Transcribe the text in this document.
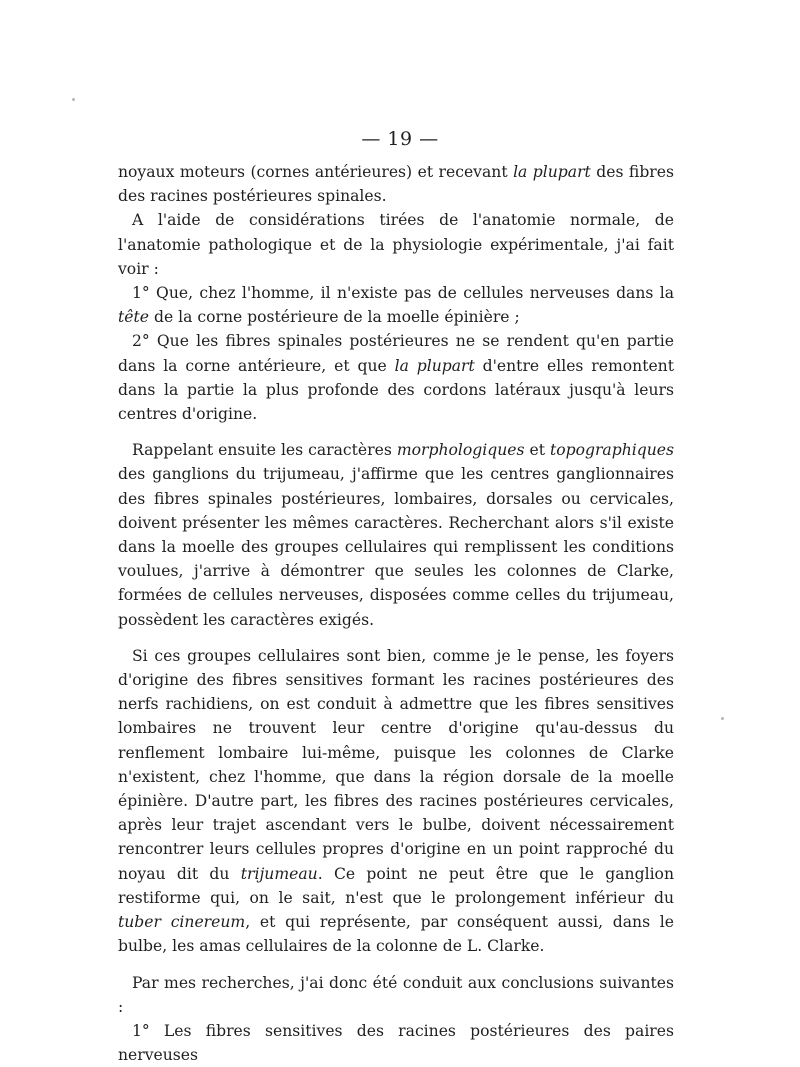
— 19 —

noyaux moteurs (cornes antérieures) et recevant la plupart des fibres des racines postérieures spinales.

A l'aide de considérations tirées de l'anatomie normale, de l'anatomie pathologique et de la physiologie expérimentale, j'ai fait voir :

1° Que, chez l'homme, il n'existe pas de cellules nerveuses dans la tête de la corne postérieure de la moelle épinière ;

2° Que les fibres spinales postérieures ne se rendent qu'en partie dans la corne antérieure, et que la plupart d'entre elles remontent dans la partie la plus profonde des cordons latéraux jusqu'à leurs centres d'origine.

Rappelant ensuite les caractères morphologiques et topographiques des ganglions du trijumeau, j'affirme que les centres ganglionnaires des fibres spinales postérieures, lombaires, dorsales ou cervicales, doivent présenter les mêmes caractères. Recherchant alors s'il existe dans la moelle des groupes cellulaires qui remplissent les conditions voulues, j'arrive à démontrer que seules les colonnes de Clarke, formées de cellules nerveuses, disposées comme celles du trijumeau, possèdent les caractères exigés.

Si ces groupes cellulaires sont bien, comme je le pense, les foyers d'origine des fibres sensitives formant les racines postérieures des nerfs rachidiens, on est conduit à admettre que les fibres sensitives lombaires ne trouvent leur centre d'origine qu'au-dessus du renflement lombaire lui-même, puisque les colonnes de Clarke n'existent, chez l'homme, que dans la région dorsale de la moelle épinière. D'autre part, les fibres des racines postérieures cervicales, après leur trajet ascendant vers le bulbe, doivent nécessairement rencontrer leurs cellules propres d'origine en un point rapproché du noyau dit du trijumeau. Ce point ne peut être que le ganglion restiforme qui, on le sait, n'est que le prolongement inférieur du tuber cinereum, et qui représente, par conséquent aussi, dans le bulbe, les amas cellulaires de la colonne de L. Clarke.

Par mes recherches, j'ai donc été conduit aux conclusions suivantes :

1° Les fibres sensitives des racines postérieures des paires nerveuses
